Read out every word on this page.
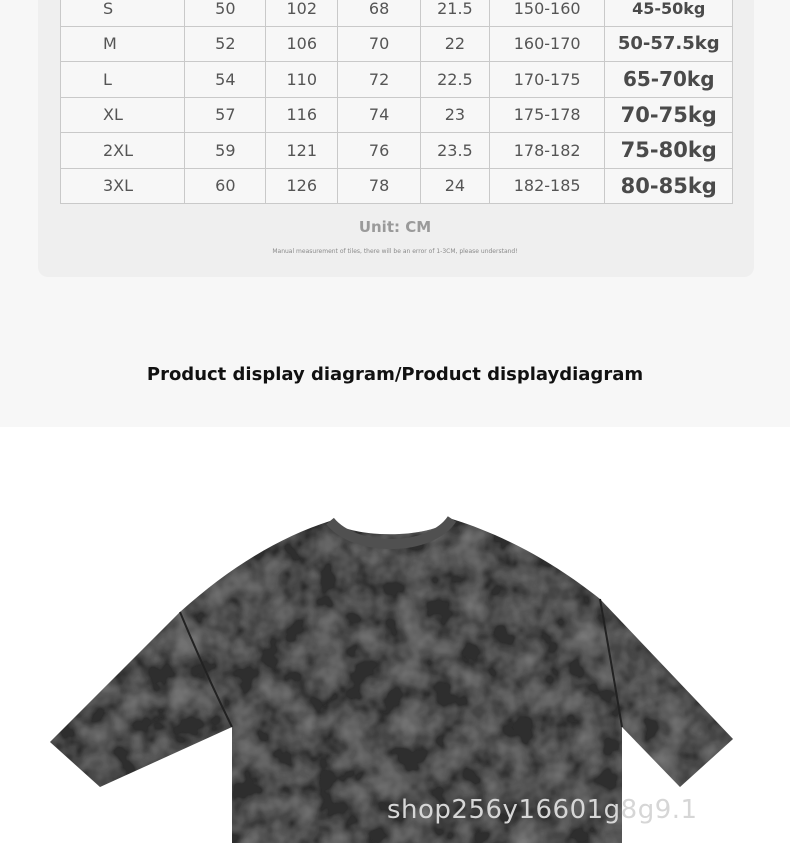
S	50	102	68	21.5	150-160	45-50kg
M	52	106	70	22	160-170	50-57.5kg
L	54	110	72	22.5	170-175	65-70kg
XL	57	116	74	23	175-178	70-75kg
2XL	59	121	76	23.5	178-182	75-80kg
3XL	60	126	78	24	182-185	80-85kg
Unit: CM
Manual measurement of tiles, there will be an error of 1-3CM, please understand!
Product display diagram/Product displaydiagram
shop256y16601g8g9.1
